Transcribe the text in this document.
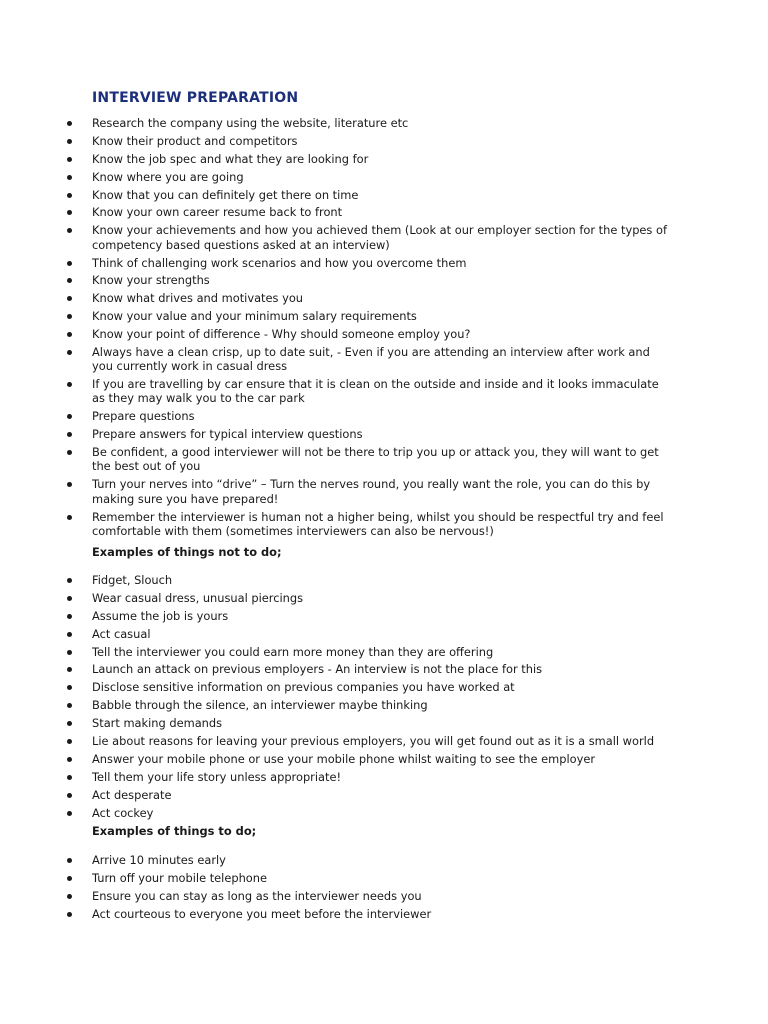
INTERVIEW PREPARATION
Research the company using the website, literature etc
Know their product and competitors
Know the job spec and what they are looking for
Know where you are going
Know that you can definitely get there on time
Know your own career resume back to front
Know your achievements and how you achieved them (Look at our employer section for the types of competency based questions asked at an interview)
Think of challenging work scenarios and how you overcome them
Know your strengths
Know what drives and motivates you
Know your value and your minimum salary requirements
Know your point of difference - Why should someone employ you?
Always have a clean crisp, up to date suit, - Even if you are attending an interview after work and you currently work in casual dress
If you are travelling by car ensure that it is clean on the outside and inside and it looks immaculate as they may walk you to the car park
Prepare questions
Prepare answers for typical interview questions
Be confident, a good interviewer will not be there to trip you up or attack you, they will want to get the best out of you
Turn your nerves into “drive” – Turn the nerves round, you really want the role, you can do this by making sure you have prepared!
Remember the interviewer is human not a higher being, whilst you should be respectful try and feel comfortable with them (sometimes interviewers can also be nervous!)

Examples of things not to do;

Fidget, Slouch
Wear casual dress, unusual piercings
Assume the job is yours
Act casual
Tell the interviewer you could earn more money than they are offering
Launch an attack on previous employers - An interview is not the place for this
Disclose sensitive information on previous companies you have worked at
Babble through the silence, an interviewer maybe thinking
Start making demands
Lie about reasons for leaving your previous employers, you will get found out as it is a small world
Answer your mobile phone or use your mobile phone whilst waiting to see the employer
Tell them your life story unless appropriate!
Act desperate
Act cockey

Examples of things to do;

Arrive 10 minutes early
Turn off your mobile telephone
Ensure you can stay as long as the interviewer needs you
Act courteous to everyone you meet before the interviewer
